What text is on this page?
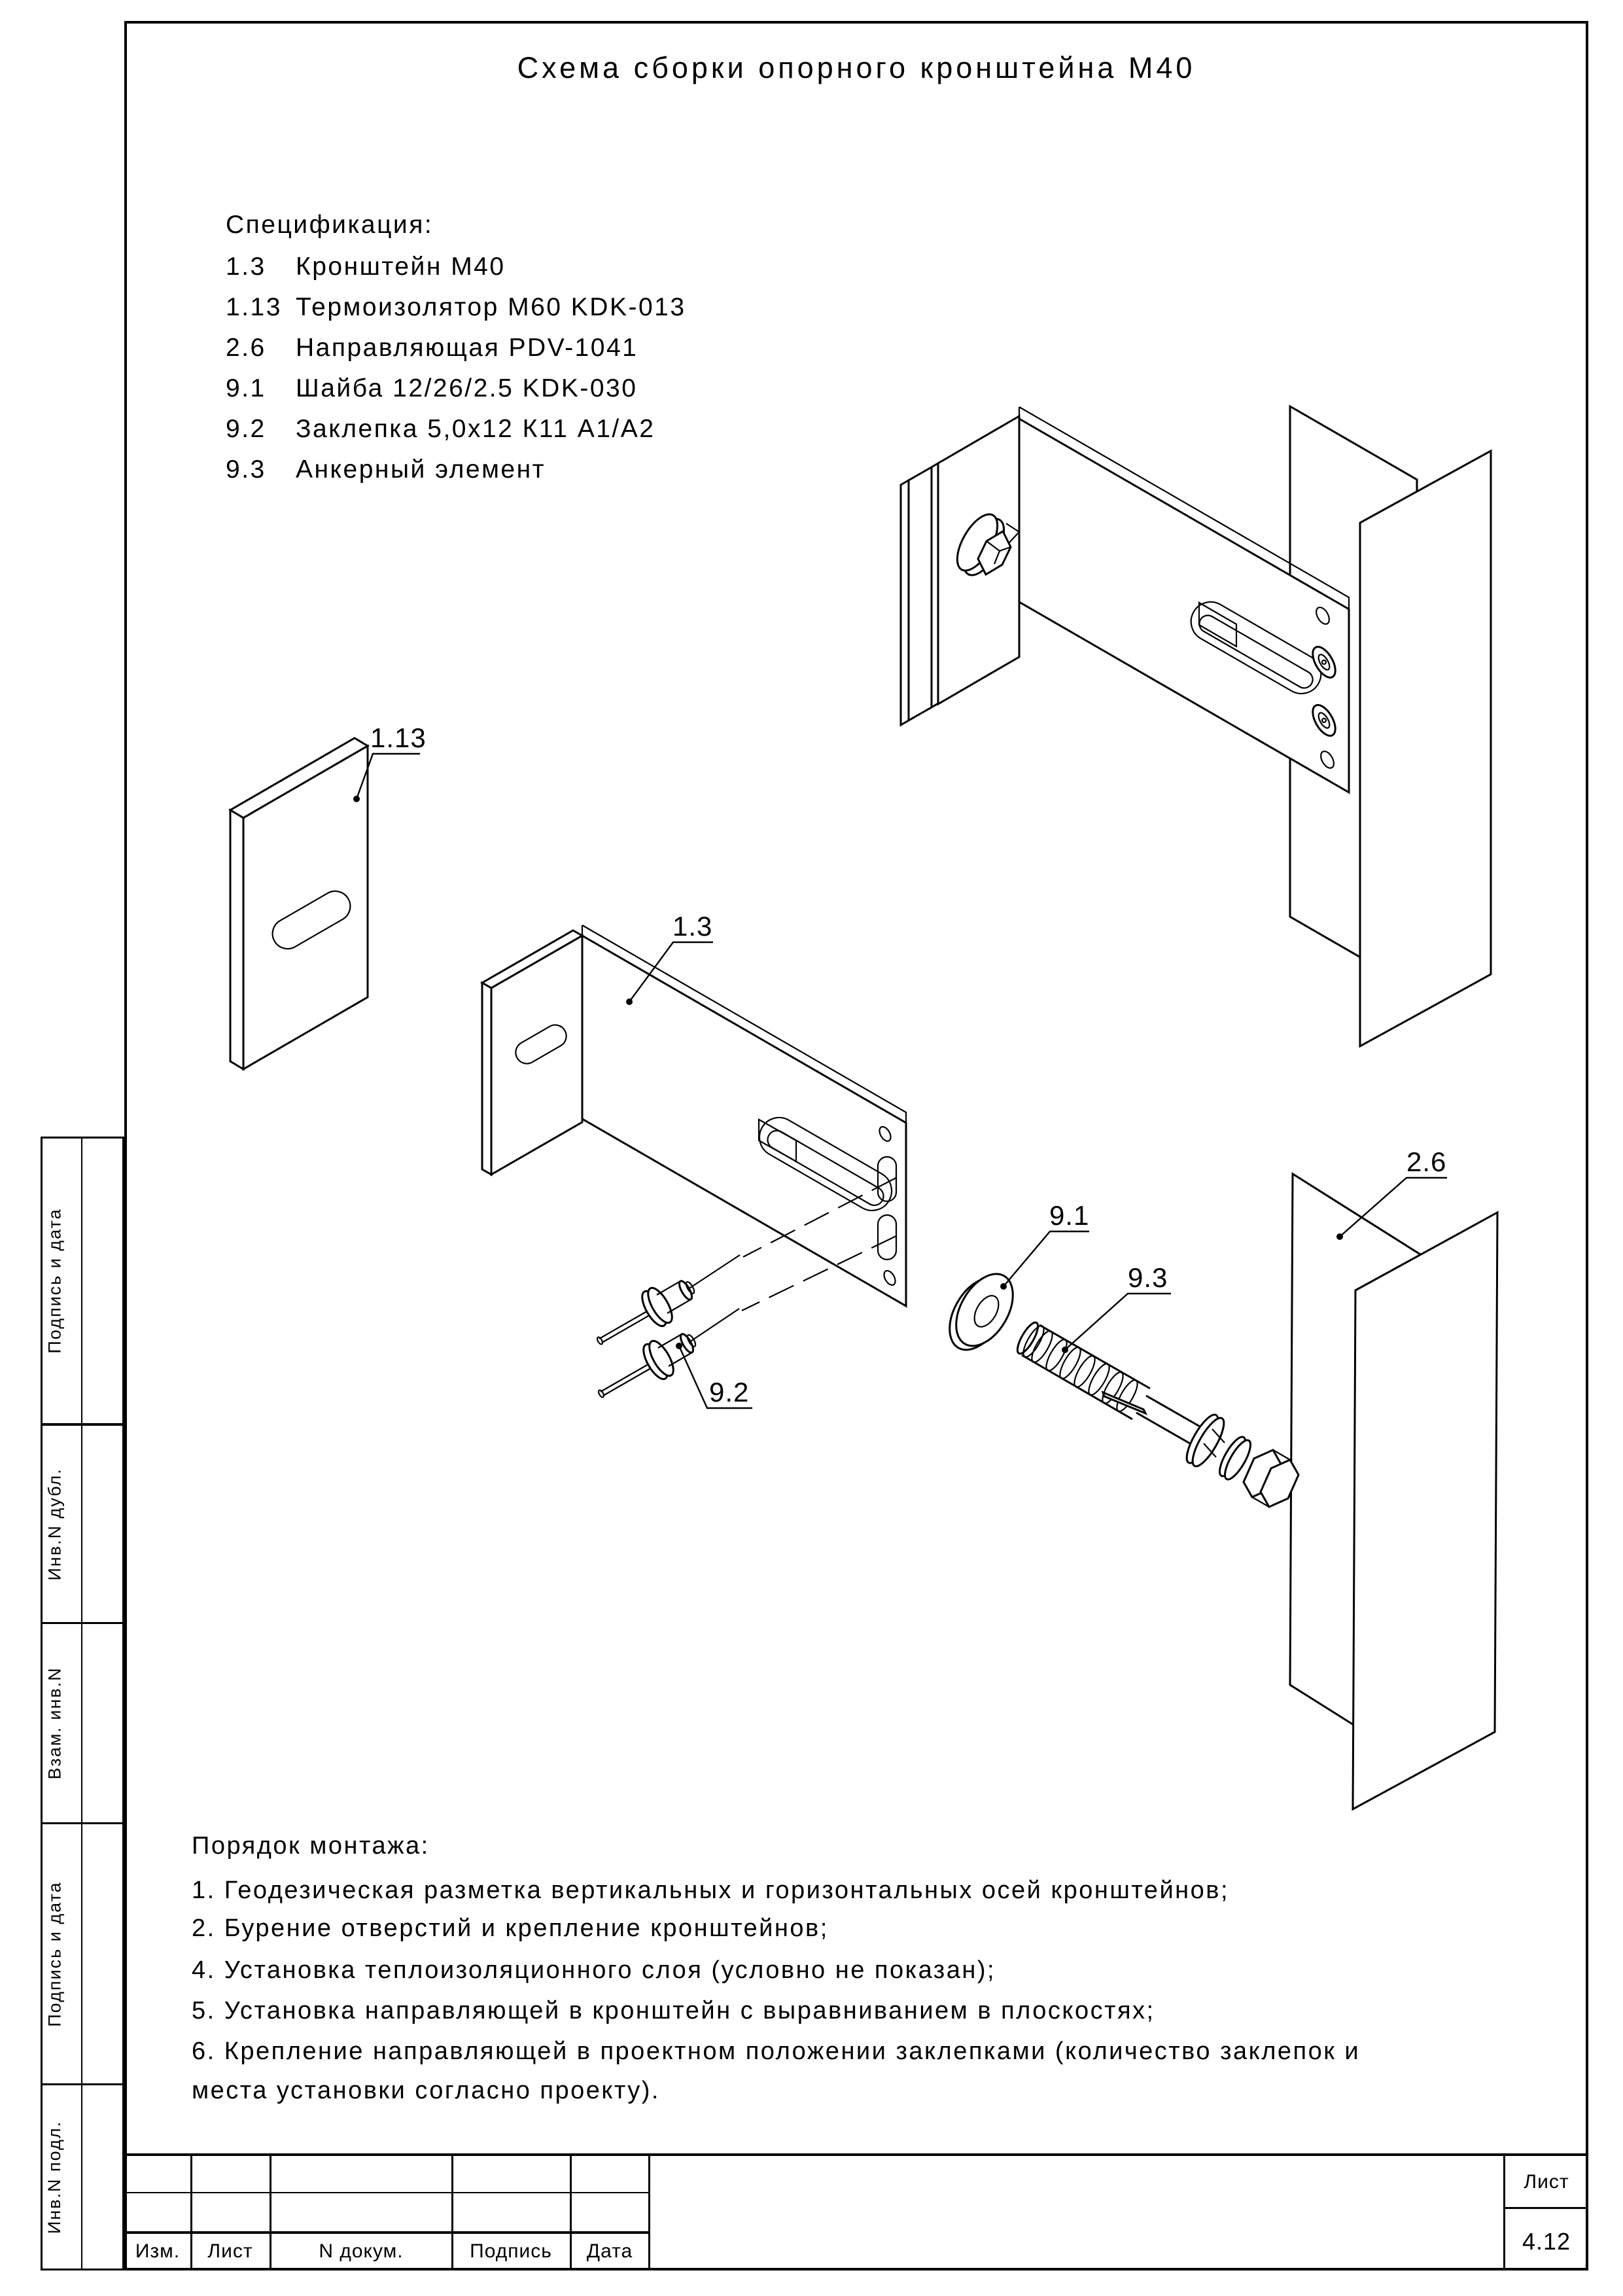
Подпись и дата
Инв.N дубл.
Взам. инв.N
Подпись и дата
Инв.N подл.
Изм. Лист	N докум.	Подпись Дата
Лист
4.12
Схема сборки опорного кронштейна М40
Спецификация:
1.3 Кронштейн М40
1.13 Термоизолятор М60 KDK-013
2.6 Направляющая PDV-1041
9.1 Шайба 12/26/2.5 KDK-030
9.2 Заклепка 5,0х12 К11 А1/А2
9.3 Анкерный элемент
1.13
1.3
9.2
9.1
9.3
2.6
Порядок монтажа:
1. Геодезическая разметка вертикальных и горизонтальных осей кронштейнов;
2. Бурение отверстий и крепление кронштейнов;
4. Установка теплоизоляционного слоя (условно не показан);
5. Установка направляющей в кронштейн с выравниванием в плоскостях;
6. Крепление направляющей в проектном положении заклепками (количество заклепок и
места установки согласно проекту).
